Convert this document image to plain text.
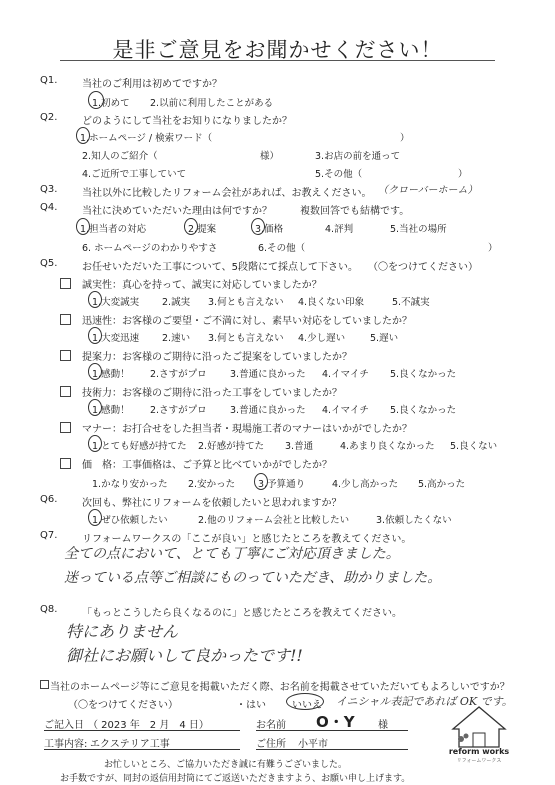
是非ご意見をお聞かせください！
Q1. 当社のご利用は初めてですか？
1.初めて 2.以前に利用したことがある
Q2. どのようにして当社をお知りになりましたか？
1.ホームページ / 検索ワード（	）
2.知人のご紹介（	様）	3.お店の前を通って
4.ご近所で工事していて	5.その他（	）
Q3. 当社以外に比較したリフォーム会社があれば、お教えください。 （クローバーホーム）
Q4. 当社に決めていただいた理由は何ですか？	複数回答でも結構です。
1.担当者の対応	2.提案	3.価格	4.評判	5.当社の場所
6. ホームページのわかりやすさ	6.その他（	）
Q5. お任せいただいた工事について、5段階にて採点して下さい。 （〇をつけてください）
誠実性：真心を持って、誠実に対応していましたか？
1.大変誠実 2.誠実 3.何とも言えない 4.良くない印象	5.不誠実
迅速性：お客様のご要望・ご不満に対し、素早い対応をしていましたか？
1.大変迅速 2.速い 3.何とも言えない 4.少し遅い	5.遅い
提案力：お客様のご期待に沿ったご提案をしていましたか？
1.感動！ 2.さすがプロ 3.普通に良かった 4.イマイチ 5.良くなかった
技術力：お客様のご期待に沿った工事をしていましたか？
1.感動！ 2.さすがプロ 3.普通に良かった 4.イマイチ 5.良くなかった
マナー：お打合せをした担当者・現場施工者のマナーはいかがでしたか？
1.とても好感が持てた 2.好感が持てた 3.普通	4.あまり良くなかった 5.良くない
価　格：工事価格は、ご予算と比べていかがでしたか？
1.かなり安かった 2.安かった 3.予算通り	4.少し高かった 5.高かった
Q6. 次回も、弊社にリフォームを依頼したいと思われますか？
1.ぜひ依頼したい	2.他のリフォーム会社と比較したい	3.依頼したくない
Q7. リフォームワークスの「ここが良い」と感じたところを教えてください。
全ての点において、とても丁寧にご対応頂きました。
迷っている点等ご相談にものっていただき、助かりました。
Q8. 「もっとこうしたら良くなるのに」と感じたところを教えてください。
特にありません
御社にお願いして良かったです!!
当社のホームページ等にご意見を掲載いただく際、お名前を掲載させていただいてもよろしいですか？
（〇をつけてください）	・はい	いいえ イニシャル表記であれば OK です。
ご記入日 （ 2023 年　2 月　4 日）	お名前 O・Y 様
工事内容: エクステリア工事	ご住所 小平市
お忙しいところ、ご協力いただき誠に有難うございました。
お手数ですが、同封の返信用封筒にてご返送いただきますよう、お願い申し上げます。
reform works
リフォームワークス
